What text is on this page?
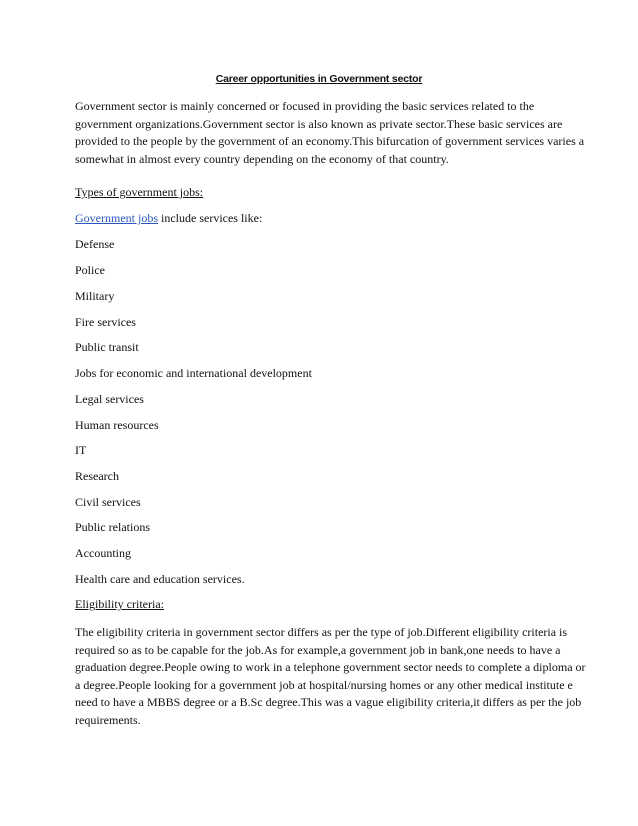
Career opportunities in Government sector
Government sector is mainly concerned or focused in providing the basic services related to the
government organizations.Government sector is also known as private sector.These basic services are
provided to the people by the government of an economy.This bifurcation of government services varies a
somewhat in almost every country depending on the economy of that country.
Types of government jobs:
Government jobs include services like:
Defense
Police
Military
Fire services
Public transit
Jobs for economic and international development
Legal services
Human resources
IT
Research
Civil services
Public relations
Accounting
Health care and education services.
Eligibility criteria:
The eligibility criteria in government sector differs as per the type of job.Different eligibility criteria is
required so as to be capable for the job.As for example,a government job in bank,one needs to have a
graduation degree.People owing to work in a telephone government sector needs to complete a diploma or
a degree.People looking for a government job at hospital/nursing homes or any other medical institute e
need to have a MBBS degree or a B.Sc degree.This was a vague eligibility criteria,it differs as per the job
requirements.
